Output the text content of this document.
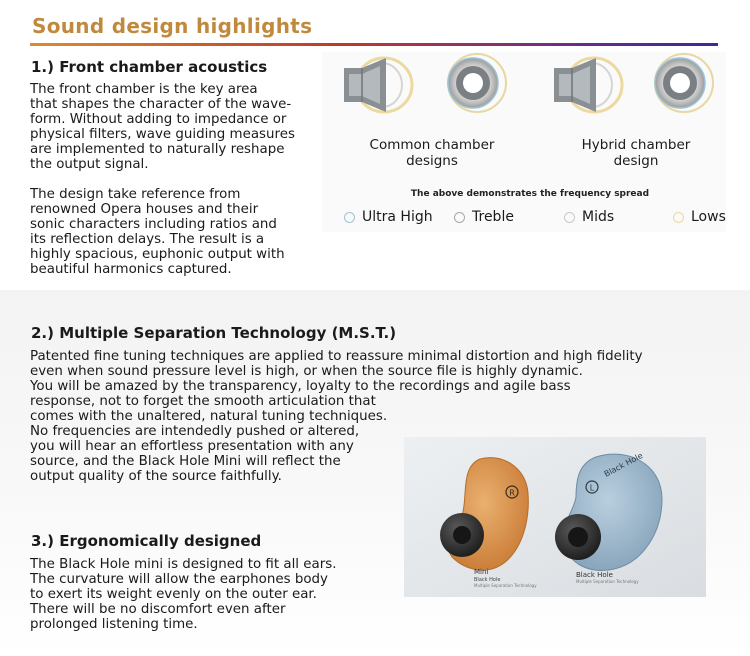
Sound design highlights
1.) Front chamber acoustics
The front chamber is the key area
that shapes the character of the wave-
form. Without adding to impedance or
physical filters, wave guiding measures
are implemented to naturally reshape
the output signal.
The design take reference from
renowned Opera houses and their
sonic characters including ratios and
its reflection delays. The result is a
highly spacious, euphonic output with
beautiful harmonics captured.
Common chamber
designs
Hybrid chamber
design
The above demonstrates the frequency spread
Ultra High	Treble	Mids	Lows
2.) Multiple Separation Technology (M.S.T.)
Patented fine tuning techniques are applied to reassure minimal distortion and high fidelity
even when sound pressure level is high, or when the source file is highly dynamic.
You will be amazed by the transparency, loyalty to the recordings and agile bass
response, not to forget the smooth articulation that
comes with the unaltered, natural tuning techniques.
No frequencies are intendedly pushed or altered,
you will hear an effortless presentation with any
source, and the Black Hole Mini will reflect the
output quality of the source faithfully.
R
L
Black Hole
Mini
Black Hole
Multiple Separation Technology
Black Hole
Multiple Separation Technology
3.) Ergonomically designed
The Black Hole mini is designed to fit all ears.
The curvature will allow the earphones body
to exert its weight evenly on the outer ear.
There will be no discomfort even after
prolonged listening time.
